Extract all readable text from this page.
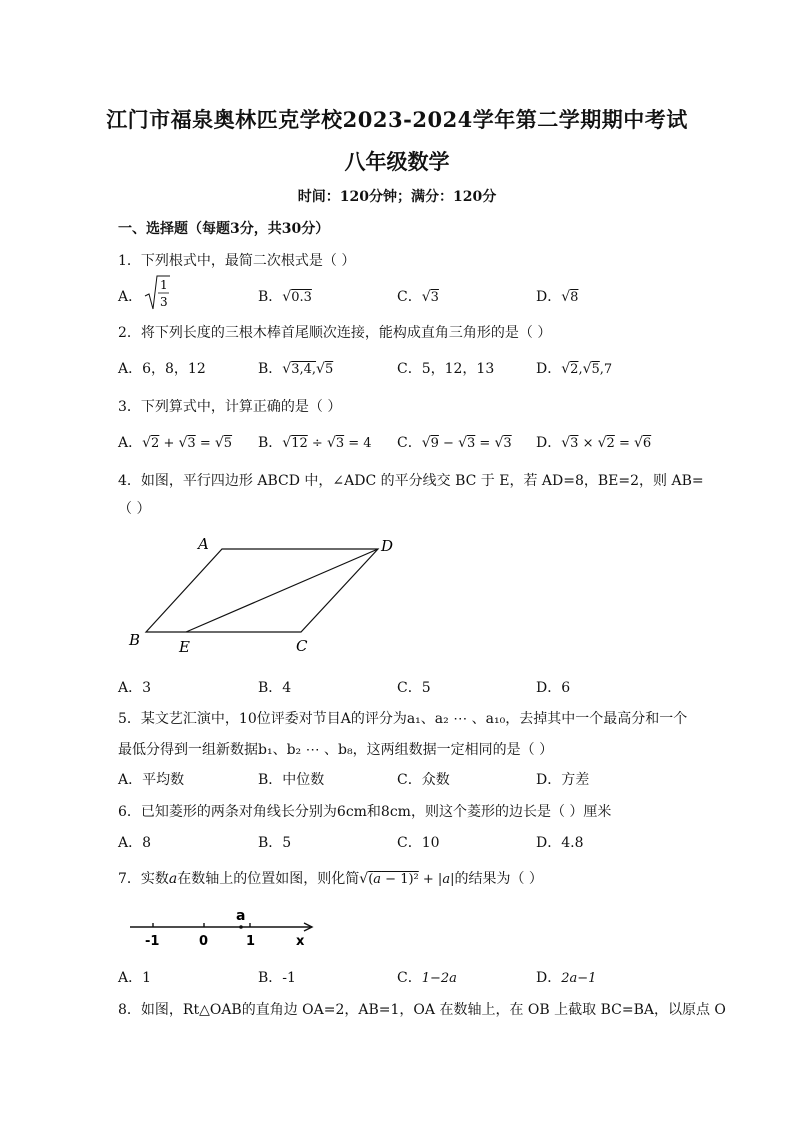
江门市福泉奥林匹克学校2023-2024学年第二学期期中考试
八年级数学
时间：120分钟；满分：120分
一、选择题（每题3分，共30分）
1．下列根式中，最简二次根式是（ ）
A．
1
3	B．√0.3	C．√3	D．√8
2．将下列长度的三根木棒首尾顺次连接，能构成直角三角形的是（ ）
A．6，8，12	B．√3,4,√5	C．5，12，13	D．√2,√5,7
3．下列算式中，计算正确的是（ ）
A．√2 + √3 = √5 B．√12 ÷ √3 = 4 C．√9 − √3 = √3 D．√3 × √2 = √6
4．如图，平行四边形 ABCD 中，∠ADC 的平分线交 BC 于 E，若 AD=8，BE=2，则 AB=
（ ）
A	D
B	E	C
A．3	B．4	C．5	D．6
5．某文艺汇演中，10位评委对节目A的评分为a₁、a₂ ⋯ 、a₁₀，去掉其中一个最高分和一个
最低分得到一组新数据b₁、b₂ ⋯ 、b₈，这两组数据一定相同的是（ ）
A．平均数	B．中位数	C．众数	D．方差
6．已知菱形的两条对角线长分别为6cm和8cm，则这个菱形的边长是（ ）厘米
A．8	B．5	C．10	D．4.8
7．实数a在数轴上的位置如图，则化简√(a − 1)² + |a|的结果为（ ）
-1	0	1	x
a
A．1	B．-1	C．1−2a	D．2a−1
8．如图，Rt△OAB的直角边 OA=2，AB=1，OA 在数轴上，在 OB 上截取 BC=BA，以原点 O
